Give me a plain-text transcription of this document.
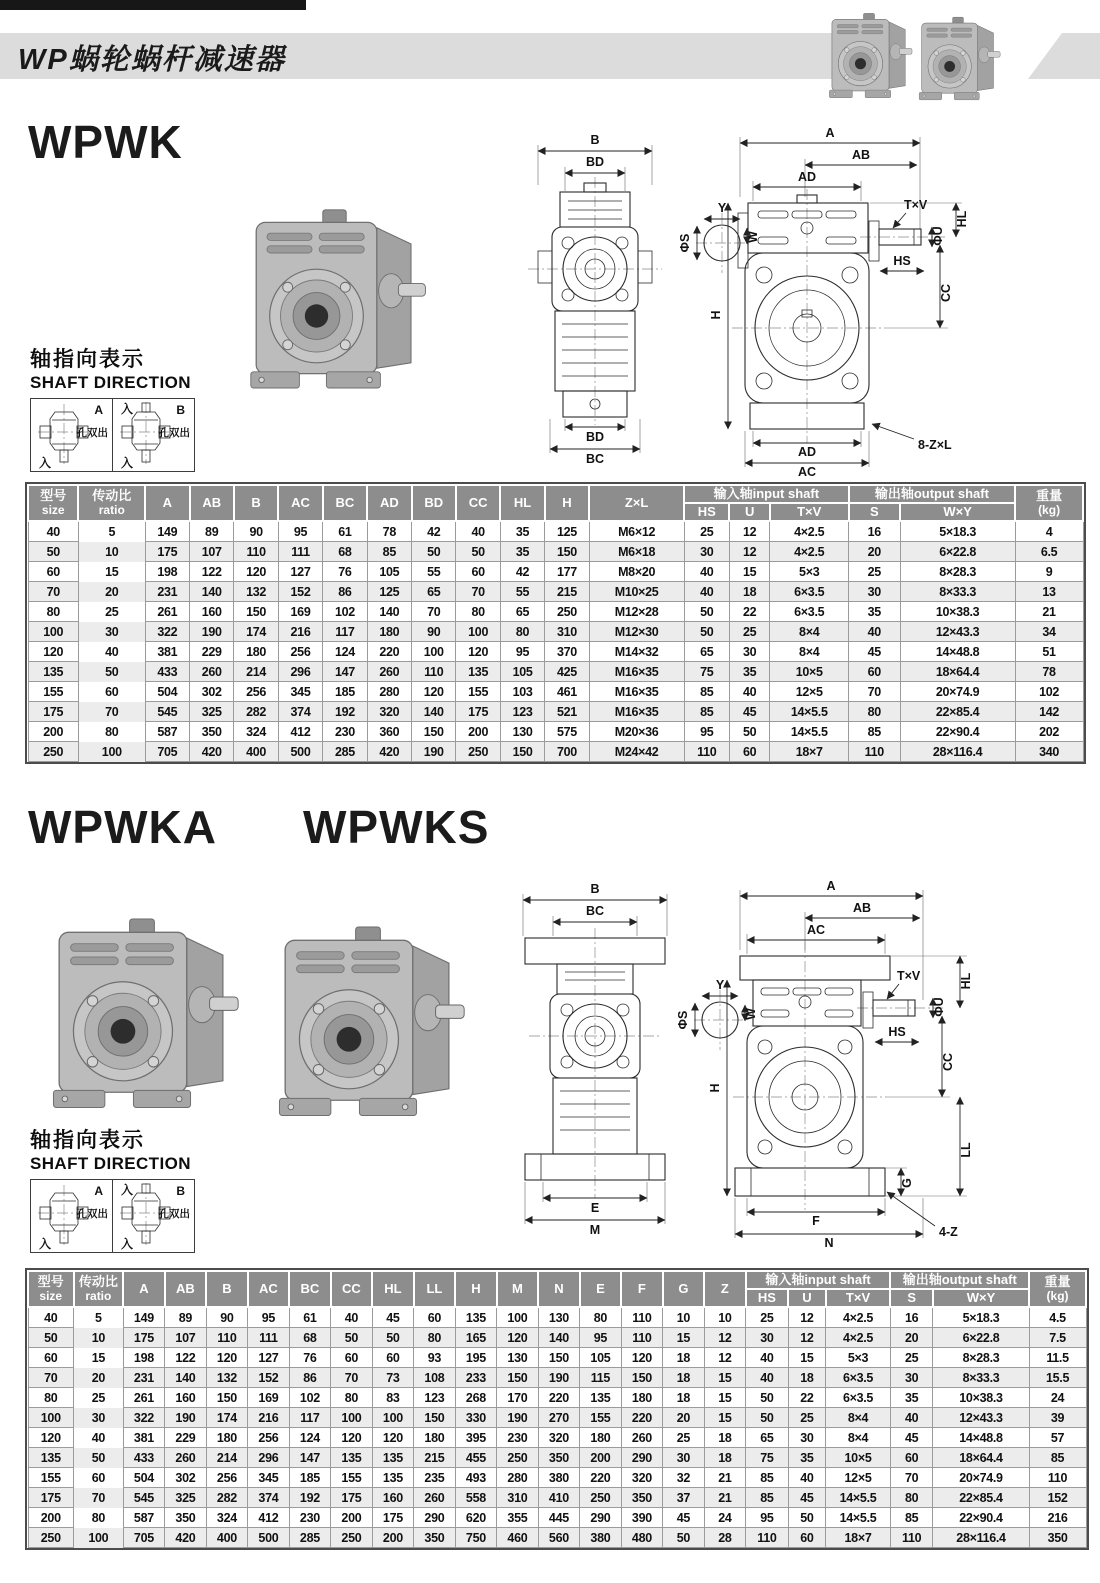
WP蜗轮蜗杆减速器
WPWK
轴指向表示
SHAFT DIRECTION
A
孔双出
入
入	B
孔双出
入
B
BD
BD
BC
Y
W
ΦS
A
AB
AD
H
AD
AC
T×V
ΦU
HL
HS
CC
8-Z×L
型号
size	传动比
ratio	A	AB	B	AC	BC	AD	BD	CC	HL	H	Z×L	输入轴input shaft			输出轴output shaft		重量
(kg)
													HS	U	T×V	S	W×Y	
40	5	149	89	90	95	61	78	42	40	35	125	M6×12	25	12	4×2.5	16	5×18.3	4
50	10	175	107	110	111	68	85	50	50	35	150	M6×18	30	12	4×2.5	20	6×22.8	6.5
60	15	198	122	120	127	76	105	55	60	42	177	M8×20	40	15	5×3	25	8×28.3	9
70	20	231	140	132	152	86	125	65	70	55	215	M10×25	40	18	6×3.5	30	8×33.3	13
80	25	261	160	150	169	102	140	70	80	65	250	M12×28	50	22	6×3.5	35	10×38.3	21
100	30	322	190	174	216	117	180	90	100	80	310	M12×30	50	25	8×4	40	12×43.3	34
120	40	381	229	180	256	124	220	100	120	95	370	M14×32	65	30	8×4	45	14×48.8	51
135	50	433	260	214	296	147	260	110	135	105	425	M16×35	75	35	10×5	60	18×64.4	78
155	60	504	302	256	345	185	280	120	155	103	461	M16×35	85	40	12×5	70	20×74.9	102
175	70	545	325	282	374	192	320	140	175	123	521	M16×35	85	45	14×5.5	80	22×85.4	142
200	80	587	350	324	412	230	360	150	200	130	575	M20×36	95	50	14×5.5	85	22×90.4	202
250	100	705	420	400	500	285	420	190	250	150	700	M24×42	110	60	18×7	110	28×116.4	340
WPWKA WPWKS
轴指向表示
SHAFT DIRECTION
A
孔双出
入
入	B
孔双出
入
B
BC
E
M
Y
W
ΦS
A
AB
AC
H
F
N
T×V
ΦU
HL
HS
CC
LL
G
4-Z
型号
size	传动比
ratio	A	AB	B	AC	BC	CC	HL	LL	H	M	N	E	F	G	Z	输入轴input shaft			输出轴output shaft		重量
(kg)
																	HS	U	T×V	S	W×Y	
40	5	149	89	90	95	61	40	45	60	135	100	130	80	110	10	10	25	12	4×2.5	16	5×18.3	4.5
50	10	175	107	110	111	68	50	50	80	165	120	140	95	110	15	12	30	12	4×2.5	20	6×22.8	7.5
60	15	198	122	120	127	76	60	60	93	195	130	150	105	120	18	12	40	15	5×3	25	8×28.3	11.5
70	20	231	140	132	152	86	70	73	108	233	150	190	115	150	18	15	40	18	6×3.5	30	8×33.3	15.5
80	25	261	160	150	169	102	80	83	123	268	170	220	135	180	18	15	50	22	6×3.5	35	10×38.3	24
100	30	322	190	174	216	117	100	100	150	330	190	270	155	220	20	15	50	25	8×4	40	12×43.3	39
120	40	381	229	180	256	124	120	120	180	395	230	320	180	260	25	18	65	30	8×4	45	14×48.8	57
135	50	433	260	214	296	147	135	135	215	455	250	350	200	290	30	18	75	35	10×5	60	18×64.4	85
155	60	504	302	256	345	185	155	135	235	493	280	380	220	320	32	21	85	40	12×5	70	20×74.9	110
175	70	545	325	282	374	192	175	160	260	558	310	410	250	350	37	21	85	45	14×5.5	80	22×85.4	152
200	80	587	350	324	412	230	200	175	290	620	355	445	290	390	45	24	95	50	14×5.5	85	22×90.4	216
250	100	705	420	400	500	285	250	200	350	750	460	560	380	480	50	28	110	60	18×7	110	28×116.4	350
